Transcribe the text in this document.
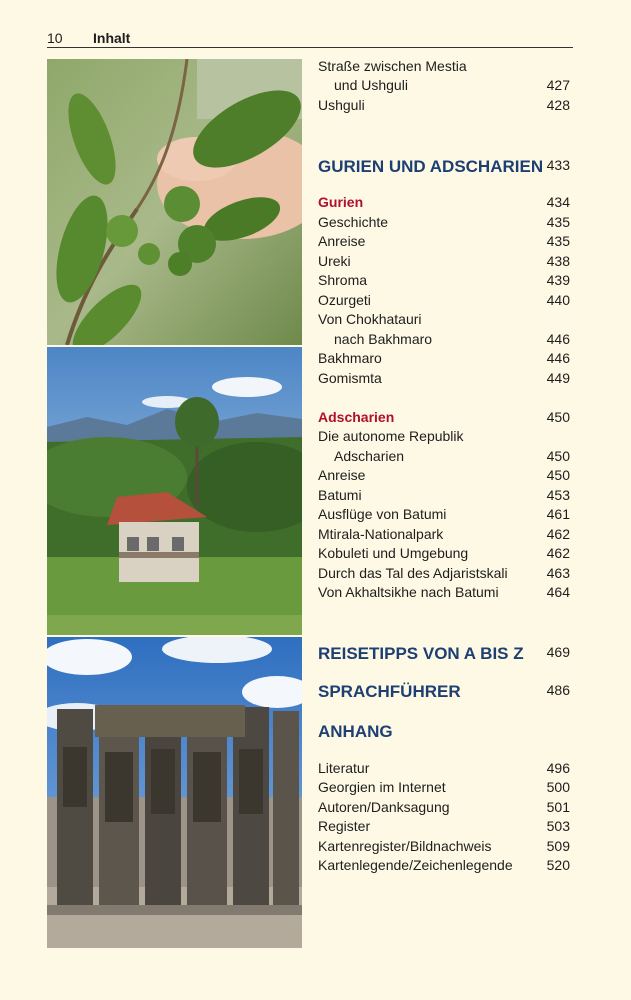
10 Inhalt
Straße zwischen Mestia
und Ushguli	427
Ushguli	428
GURIEN UND ADSCHARIEN 433
Gurien	434
Geschichte	435
Anreise	435
Ureki	438
Shroma	439
Ozurgeti	440
Von Chokhatauri
nach Bakhmaro	446
Bakhmaro	446
Gomismta	449
Adscharien	450
Die autonome Republik
Adscharien	450
Anreise	450
Batumi	453
Ausflüge von Batumi	461
Mtirala-Nationalpark	462
Kobuleti und Umgebung	462
Durch das Tal des Adjaristskali	463
Von Akhaltsikhe nach Batumi	464
REISETIPPS VON A BIS Z 469
SPRACHFÜHRER	486
ANHANG
Literatur	496
Georgien im Internet	500
Autoren/Danksagung	501
Register	503
Kartenregister/Bildnachweis	509
Kartenlegende/Zeichenlegende 520
